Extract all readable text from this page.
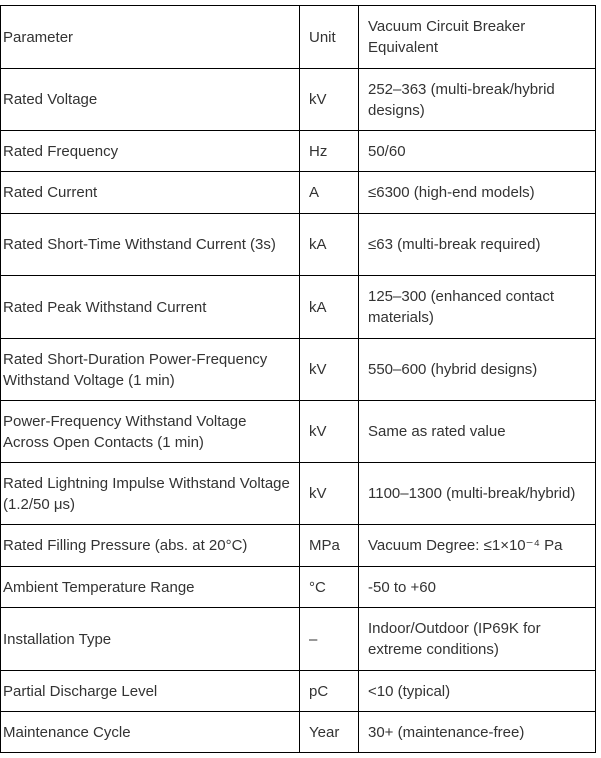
Parameter	Unit	Vacuum Circuit Breaker Equivalent
Rated Voltage	kV	252–363 (multi-break/hybrid designs)
Rated Frequency	Hz	50/60
Rated Current	A	≤6300 (high-end models)
Rated Short-Time Withstand Current (3s)	kA	≤63 (multi-break required)
Rated Peak Withstand Current	kA	125–300 (enhanced contact materials)
Rated Short-Duration Power-Frequency Withstand Voltage (1 min)	kV	550–600 (hybrid designs)
Power-Frequency Withstand Voltage Across Open Contacts (1 min)	kV	Same as rated value
Rated Lightning Impulse Withstand Voltage (1.2/50 μs)	kV	1100–1300 (multi-break/hybrid)
Rated Filling Pressure (abs. at 20°C)	MPa	Vacuum Degree: ≤1×10⁻⁴ Pa
Ambient Temperature Range	°C	-50 to +60
Installation Type	–	Indoor/Outdoor (IP69K for extreme conditions)
Partial Discharge Level	pC	<10 (typical)
Maintenance Cycle	Year	30+ (maintenance-free)
